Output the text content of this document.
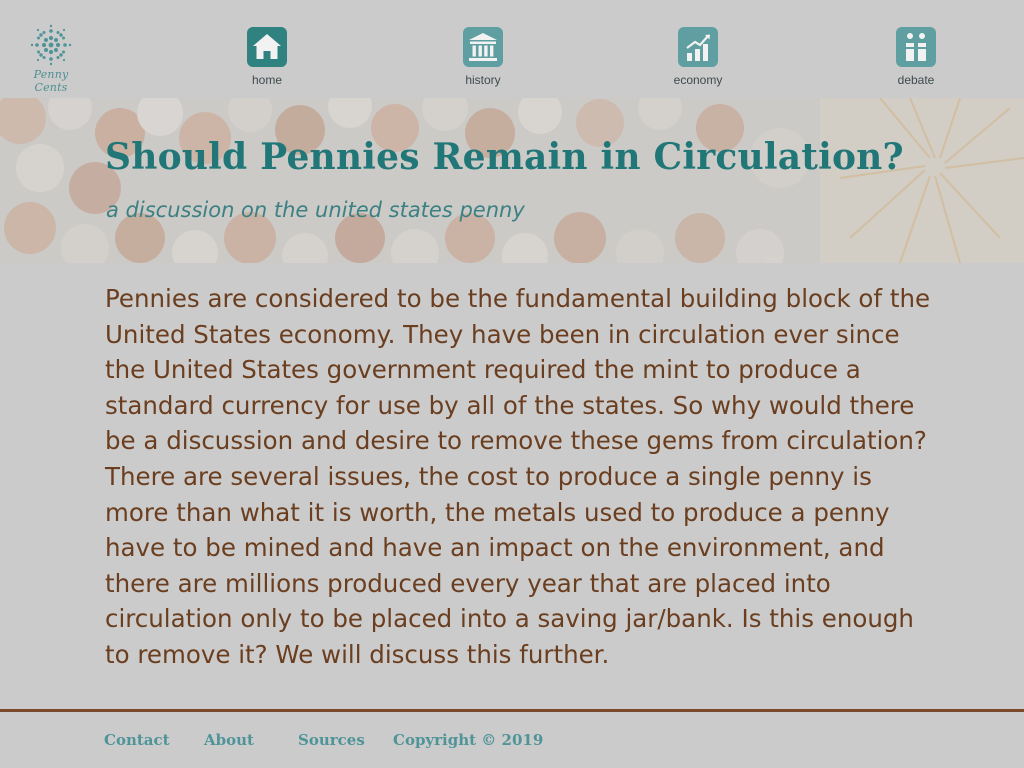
Penny Cents
home	history	economy	debate
Should Pennies Remain in Circulation?
a discussion on the united states penny

Pennies are considered to be the fundamental building block of the United States economy. They have been in circulation ever since the United States government required the mint to produce a standard currency for use by all of the states. So why would there be a discussion and desire to remove these gems from circulation? There are several issues, the cost to produce a single penny is more than what it is worth, the metals used to produce a penny have to be mined and have an impact on the environment, and there are millions produced every year that are placed into circulation only to be placed into a saving jar/bank. Is this enough to remove it? We will discuss this further.

Contact About	Sources Copyright © 2019
